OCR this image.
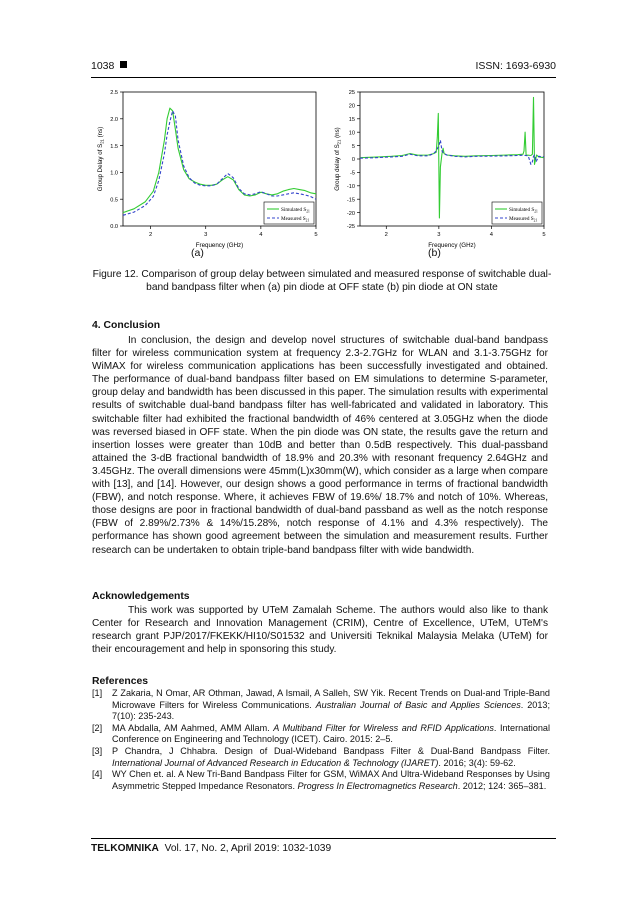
1038	ISSN: 1693-6930
0.0
0.5
1.0
1.5
2.0
2.5
2	3	4	5
Frequency (GHz)
Group Delay of $S_{21}$ (ns)
Simulated $S_{21}$
Measured $S_{21}$
-25
-20
-15
-10
-5
0
5
10
15
20
25
2	3	4	5
Frequency (GHz)
Group delay of $S_{21}$ (ns)
Simulated $S_{21}$
Measured $S_{21}$
(a)	(b)
Figure 12. Comparison of group delay between simulated and measured response of switchable dual-band bandpass filter when (a) pin diode at OFF state (b) pin diode at ON state
4. Conclusion
In conclusion, the design and develop novel structures of switchable dual-band bandpass filter for wireless communication system at frequency 2.3-2.7GHz for WLAN and 3.1-3.75GHz for WiMAX for wireless communication applications has been successfully investigated and obtained. The performance of dual-band bandpass filter based on EM simulations to determine S-parameter, group delay and bandwidth has been discussed in this paper. The simulation results with experimental results of switchable dual-band bandpass filter has well-fabricated and validated in laboratory. This switchable filter had exhibited the fractional bandwidth of 46% centered at 3.05GHz when the diode was reversed biased in OFF state. When the pin diode was ON state, the results gave the return and insertion losses were greater than 10dB and better than 0.5dB respectively. This dual-passband attained the 3-dB fractional bandwidth of 18.9% and 20.3% with resonant frequency 2.64GHz and 3.45GHz. The overall dimensions were 45mm(L)x30mm(W), which consider as a large when compare with [13], and [14]. However, our design shows a good performance in terms of fractional bandwidth (FBW), and notch response. Where, it achieves FBW of 19.6%/ 18.7% and notch of 10%. Whereas, those designs are poor in fractional bandwidth of dual-band passband as well as the notch response (FBW of 2.89%/2.73% & 14%/15.28%, notch response of 4.1% and 4.3% respectively). The performance has shown good agreement between the simulation and measurement results. Further research can be undertaken to obtain triple-band bandpass filter with wide bandwidth.
Acknowledgements
This work was supported by UTeM Zamalah Scheme. The authors would also like to thank Center for Research and Innovation Management (CRIM), Centre of Excellence, UTeM, UTeM's research grant PJP/2017/FKEKK/HI10/S01532 and Universiti Teknikal Malaysia Melaka (UTeM) for their encouragement and help in sponsoring this study.
References
[1] Z Zakaria, N Omar, AR Othman, Jawad, A Ismail, A Salleh, SW Yik. Recent Trends on Dual-and Triple-Band Microwave Filters for Wireless Communications. Australian Journal of Basic and Applies Sciences. 2013; 7(10): 235-243.
[2] MA Abdalla, AM Aahmed, AMM Allam. A Multiband Filter for Wireless and RFID Applications. International Conference on Engineering and Technology (ICET). Cairo. 2015: 2–5.
[3] P Chandra, J Chhabra. Design of Dual-Wideband Bandpass Filter & Dual-Band Bandpass Filter. International Journal of Advanced Research in Education & Technology (IJARET). 2016; 3(4): 59-62.
[4] WY Chen et. al. A New Tri-Band Bandpass Filter for GSM, WiMAX And Ultra-Wideband Responses by Using Asymmetric Stepped Impedance Resonators. Progress In Electromagnetics Research. 2012; 124: 365–381.
TELKOMNIKA Vol. 17, No. 2, April 2019: 1032-1039
